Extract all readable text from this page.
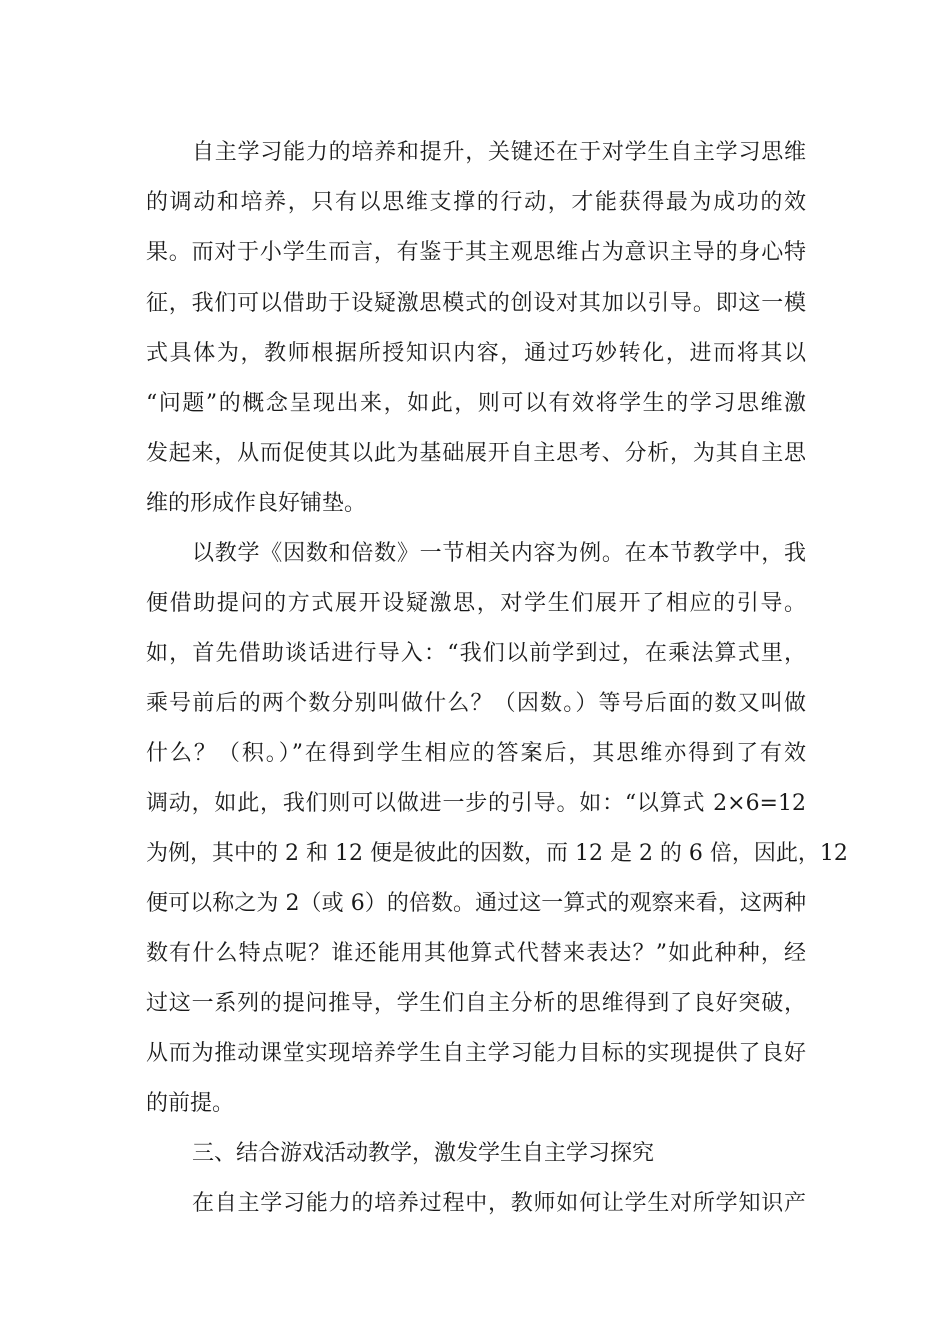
自主学习能力的培养和提升，关键还在于对学生自主学习思维
的调动和培养，只有以思维支撑的行动，才能获得最为成功的效
果。而对于小学生而言，有鉴于其主观思维占为意识主导的身心特
征，我们可以借助于设疑激思模式的创设对其加以引导。即这一模
式具体为，教师根据所授知识内容，通过巧妙转化，进而将其以
“问题”的概念呈现出来，如此，则可以有效将学生的学习思维激
发起来，从而促使其以此为基础展开自主思考、分析，为其自主思
维的形成作良好铺垫。
以教学《因数和倍数》一节相关内容为例。在本节教学中，我
便借助提问的方式展开设疑激思，对学生们展开了相应的引导。
如，首先借助谈话进行导入：“我们以前学到过，在乘法算式里，
乘号前后的两个数分别叫做什么？（因数。）等号后面的数又叫做
什么？（积。）”在得到学生相应的答案后，其思维亦得到了有效
调动，如此，我们则可以做进一步的引导。如：“以算式 2×6=12
为例，其中的 2 和 12 便是彼此的因数，而 12 是 2 的 6 倍，因此，12
便可以称之为 2（或 6）的倍数。通过这一算式的观察来看，这两种
数有什么特点呢？谁还能用其他算式代替来表达？”如此种种，经
过这一系列的提问推导，学生们自主分析的思维得到了良好突破，
从而为推动课堂实现培养学生自主学习能力目标的实现提供了良好
的前提。
三、结合游戏活动教学，激发学生自主学习探究
在自主学习能力的培养过程中，教师如何让学生对所学知识产
